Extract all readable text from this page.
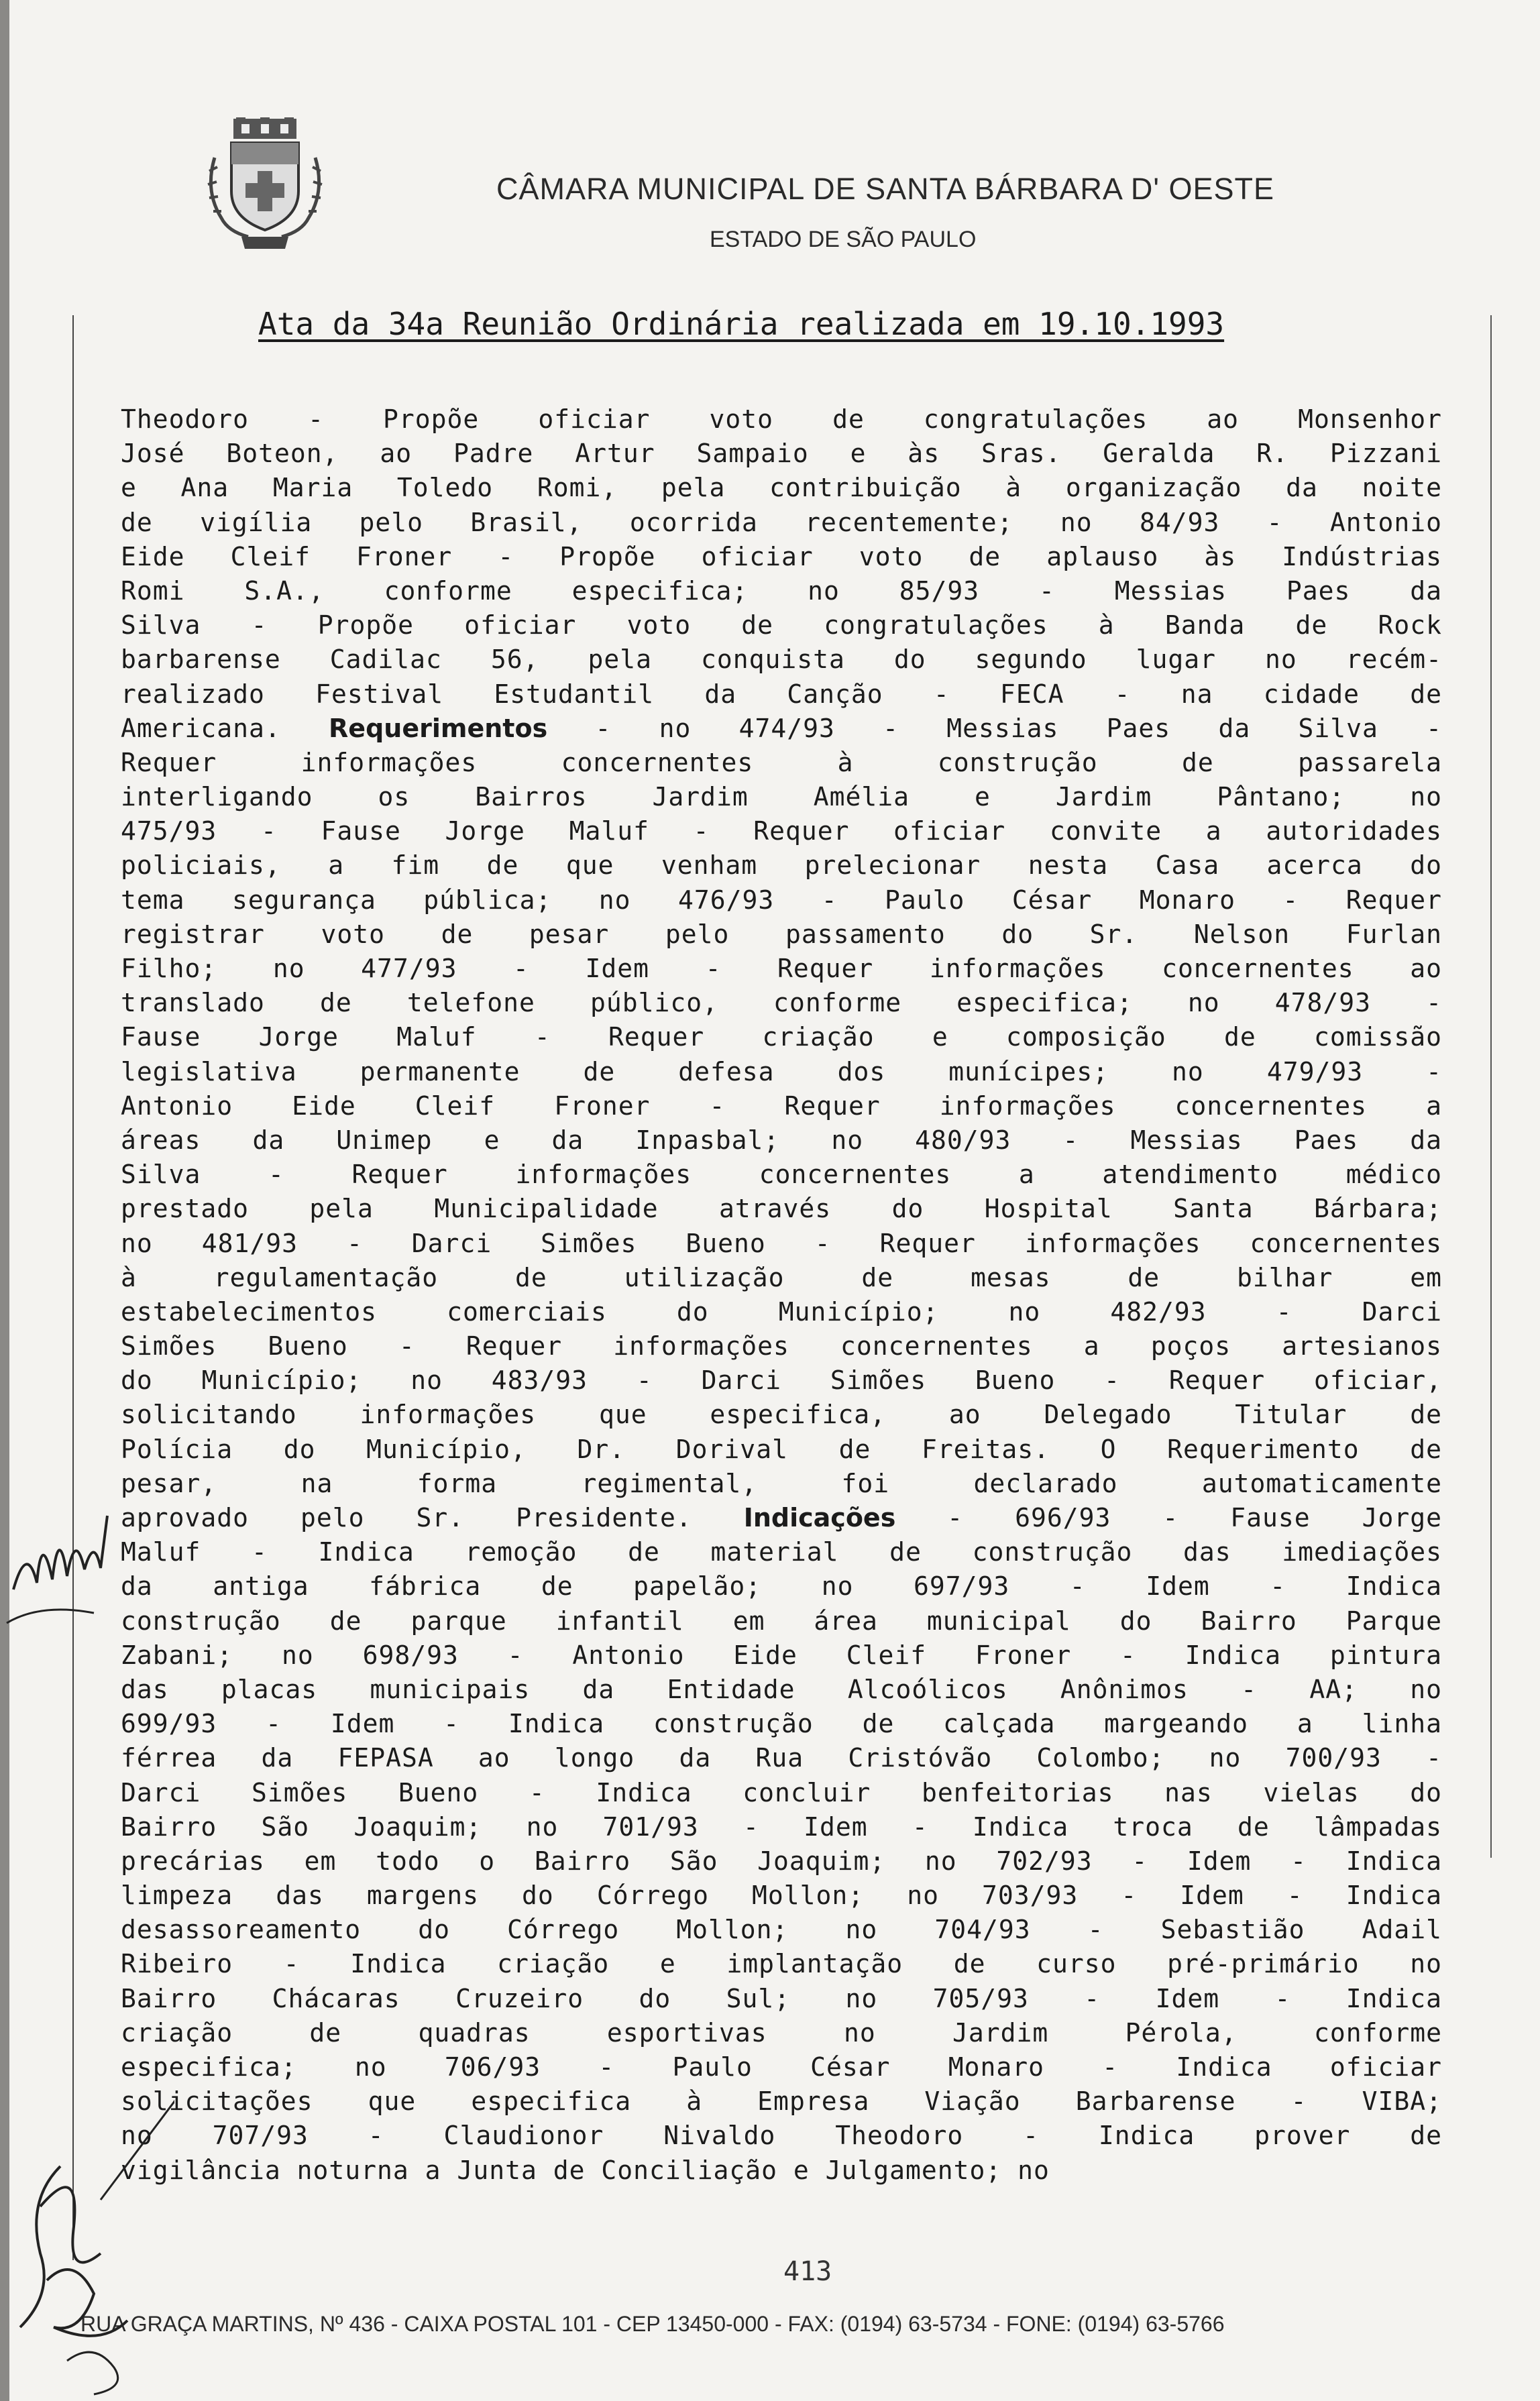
CÂMARA MUNICIPAL DE SANTA BÁRBARA D' OESTE
ESTADO DE SÃO PAULO
Ata da 34a Reunião Ordinária realizada em 19.10.1993
Theodoro - Propõe oficiar voto de congratulações ao Monsenhor
José Boteon, ao Padre Artur Sampaio e às Sras. Geralda R. Pizzani
e Ana Maria Toledo Romi, pela contribuição à organização da noite
de vigília pelo Brasil, ocorrida recentemente; no 84/93 - Antonio
Eide Cleif Froner - Propõe oficiar voto de aplauso às Indústrias
Romi S.A., conforme especifica; no 85/93 - Messias Paes da
Silva - Propõe oficiar voto de congratulações à Banda de Rock
barbarense Cadilac 56, pela conquista do segundo lugar no recém-
realizado Festival Estudantil da Canção - FECA - na cidade de
Americana. Requerimentos - no 474/93 - Messias Paes da Silva -
Requer informações concernentes à construção de passarela
interligando os Bairros Jardim Amélia e Jardim Pântano; no
475/93 - Fause Jorge Maluf - Requer oficiar convite a autoridades
policiais, a fim de que venham prelecionar nesta Casa acerca do
tema segurança pública; no 476/93 - Paulo César Monaro - Requer
registrar voto de pesar pelo passamento do Sr. Nelson Furlan
Filho; no 477/93 - Idem - Requer informações concernentes ao
translado de telefone público, conforme especifica; no 478/93 -
Fause Jorge Maluf - Requer criação e composição de comissão
legislativa permanente de defesa dos munícipes; no 479/93 -
Antonio Eide Cleif Froner - Requer informações concernentes a
áreas da Unimep e da Inpasbal; no 480/93 - Messias Paes da
Silva - Requer informações concernentes a atendimento médico
prestado pela Municipalidade através do Hospital Santa Bárbara;
no 481/93 - Darci Simões Bueno - Requer informações concernentes
à regulamentação de utilização de mesas de bilhar em
estabelecimentos comerciais do Município; no 482/93 - Darci
Simões Bueno - Requer informações concernentes a poços artesianos
do Município; no 483/93 - Darci Simões Bueno - Requer oficiar,
solicitando informações que especifica, ao Delegado Titular de
Polícia do Município, Dr. Dorival de Freitas. O Requerimento de
pesar, na forma regimental, foi declarado automaticamente
aprovado pelo Sr. Presidente. Indicações - 696/93 - Fause Jorge
Maluf - Indica remoção de material de construção das imediações
da antiga fábrica de papelão; no 697/93 - Idem - Indica
construção de parque infantil em área municipal do Bairro Parque
Zabani; no 698/93 - Antonio Eide Cleif Froner - Indica pintura
das placas municipais da Entidade Alcoólicos Anônimos - AA; no
699/93 - Idem - Indica construção de calçada margeando a linha
férrea da FEPASA ao longo da Rua Cristóvão Colombo; no 700/93 -
Darci Simões Bueno - Indica concluir benfeitorias nas vielas do
Bairro São Joaquim; no 701/93 - Idem - Indica troca de lâmpadas
precárias em todo o Bairro São Joaquim; no 702/93 - Idem - Indica
limpeza das margens do Córrego Mollon; no 703/93 - Idem - Indica
desassoreamento do Córrego Mollon; no 704/93 - Sebastião Adail
Ribeiro - Indica criação e implantação de curso pré-primário no
Bairro Chácaras Cruzeiro do Sul; no 705/93 - Idem - Indica
criação de quadras esportivas no Jardim Pérola, conforme
especifica; no 706/93 - Paulo César Monaro - Indica oficiar
solicitações que especifica à Empresa Viação Barbarense - VIBA;
no 707/93 - Claudionor Nivaldo Theodoro - Indica prover de
vigilância noturna a Junta de Conciliação e Julgamento; no
413
RUA GRAÇA MARTINS, Nº 436 - CAIXA POSTAL 101 - CEP 13450-000 - FAX: (0194) 63-5734 - FONE: (0194) 63-5766
